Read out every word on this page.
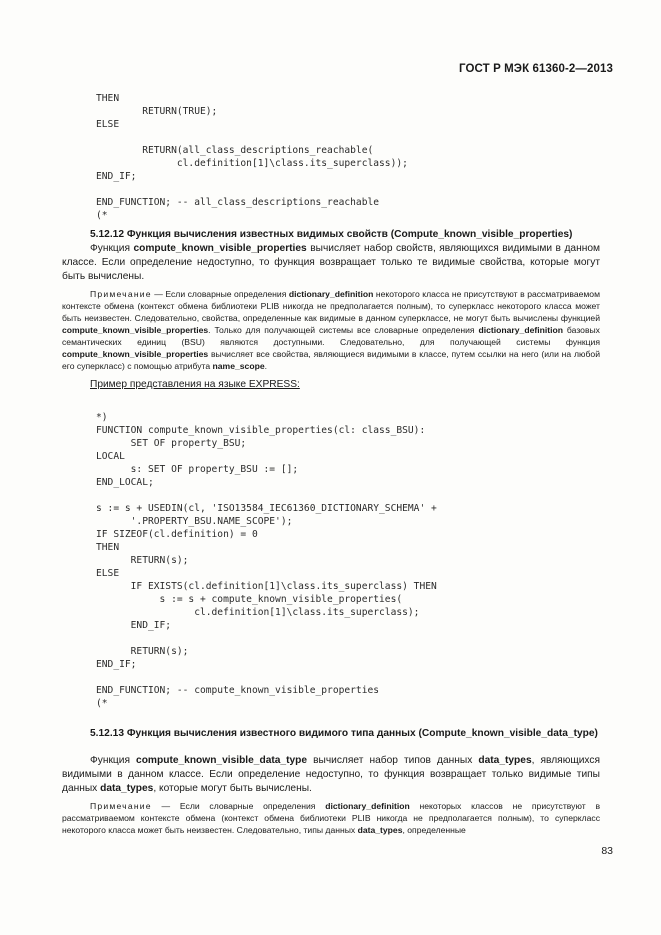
ГОСТ Р МЭК 61360-2—2013
THEN
RETURN(TRUE);
ELSE

RETURN(all_class_descriptions_reachable(
cl.definition[1]\class.its_superclass));
END_IF;

END_FUNCTION; -- all_class_descriptions_reachable
(*
5.12.12 Функция вычисления известных видимых свойств (Compute_known_visible_properties)
Функция compute_known_visible_properties вычисляет набор свойств, являющихся видимыми в данном классе. Если определение недоступно, то функция возвращает только те видимые свойства, которые могут быть вычислены.
Примечание — Если словарные определения dictionary_definition некоторого класса не присутствуют в рассматриваемом контексте обмена (контекст обмена библиотеки PLIB никогда не предполагается полным), то суперкласс некоторого класса может быть неизвестен. Следовательно, свойства, определенные как видимые в данном суперклассе, не могут быть вычислены функцией compute_known_visible_properties. Только для получающей системы все словарные определения dictionary_definition базовых семантических единиц (BSU) являются доступными. Следовательно, для получающей системы функция compute_known_visible_properties вычисляет все свойства, являющиеся видимыми в классе, путем ссылки на него (или на любой его суперкласс) с помощью атрибута name_scope.
Пример представления на языке EXPRESS:
*)
FUNCTION compute_known_visible_properties(cl: class_BSU):
SET OF property_BSU;
LOCAL
s: SET OF property_BSU := [];
END_LOCAL;

s := s + USEDIN(cl, 'ISO13584_IEC61360_DICTIONARY_SCHEMA' +
'.PROPERTY_BSU.NAME_SCOPE');
IF SIZEOF(cl.definition) = 0
THEN
RETURN(s);
ELSE
IF EXISTS(cl.definition[1]\class.its_superclass) THEN
s := s + compute_known_visible_properties(
cl.definition[1]\class.its_superclass);
END_IF;

RETURN(s);
END_IF;

END_FUNCTION; -- compute_known_visible_properties
(*
5.12.13 Функция вычисления известного видимого типа данных (Compute_known_visible_data_type)
Функция compute_known_visible_data_type вычисляет набор типов данных data_types, являющихся видимыми в данном классе. Если определение недоступно, то функция возвращает только видимые типы данных data_types, которые могут быть вычислены.
Примечание — Если словарные определения dictionary_definition некоторых классов не присутствуют в рассматриваемом контексте обмена (контекст обмена библиотеки PLIB никогда не предполагается полным), то суперкласс некоторого класса может быть неизвестен. Следовательно, типы данных data_types, определенные
83
